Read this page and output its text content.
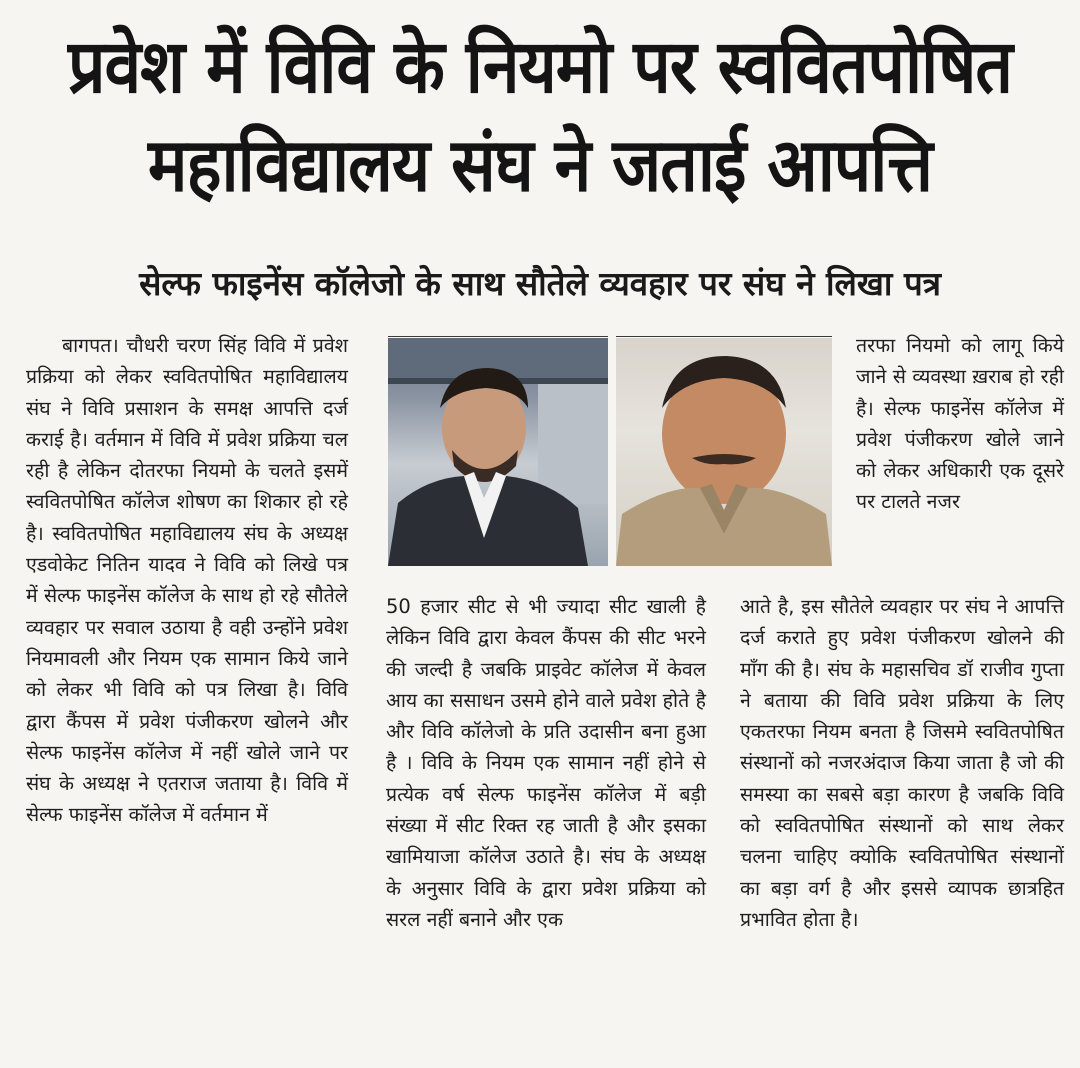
प्रवेश में विवि के नियमो पर स्ववितपोषित
महाविद्यालय संघ ने जताई आपत्ति
सेल्फ फाइनेंस कॉलेजो के साथ सौतेले व्यवहार पर संघ ने लिखा पत्र

बागपत। चौधरी चरण सिंह विवि में प्रवेश प्रक्रिया को लेकर स्ववितपोषित महाविद्यालय संघ ने विवि प्रसाशन के समक्ष आपत्ति दर्ज कराई है। वर्तमान में विवि में प्रवेश प्रक्रिया चल रही है लेकिन दोतरफा नियमो के चलते इसमें स्ववितपोषित कॉलेज शोषण का शिकार हो रहे है। स्ववितपोषित महाविद्यालय संघ के अध्यक्ष एडवोकेट नितिन यादव ने विवि को लिखे पत्र में सेल्फ फाइनेंस कॉलेज के साथ हो रहे सौतेले व्यवहार पर सवाल उठाया है वही उन्होंने प्रवेश नियमावली और नियम एक सामान किये जाने को लेकर भी विवि को पत्र लिखा है। विवि द्वारा कैंपस में प्रवेश पंजीकरण खोलने और सेल्फ फाइनेंस कॉलेज में नहीं खोले जाने पर संघ के अध्यक्ष ने एतराज जताया है। विवि में सेल्फ फाइनेंस कॉलेज में वर्तमान में

50 हजार सीट से भी ज्यादा सीट खाली है लेकिन विवि द्वारा केवल कैंपस की सीट भरने की जल्दी है जबकि प्राइवेट कॉलेज में केवल आय का ससाधन उसमे होने वाले प्रवेश होते है और विवि कॉलेजो के प्रति उदासीन बना हुआ है । विवि के नियम एक सामान नहीं होने से प्रत्येक वर्ष सेल्फ फाइनेंस कॉलेज में बड़ी संख्या में सीट रिक्त रह जाती है और इसका खामियाजा कॉलेज उठाते है। संघ के अध्यक्ष के अनुसार विवि के द्वारा प्रवेश प्रक्रिया को सरल नहीं बनाने और एक

तरफा नियमो को लागू किये जाने से व्यवस्था ख़राब हो रही है। सेल्फ फाइनेंस कॉलेज में प्रवेश पंजीकरण खोले जाने को लेकर अधिकारी एक दूसरे पर टालते नजर

आते है, इस सौतेले व्यवहार पर संघ ने आपत्ति दर्ज कराते हुए प्रवेश पंजीकरण खोलने की माँग की है। संघ के महासचिव डॉ राजीव गुप्ता ने बताया की विवि प्रवेश प्रक्रिया के लिए एकतरफा नियम बनता है जिसमे स्ववितपोषित संस्थानों को नजरअंदाज किया जाता है जो की समस्या का सबसे बड़ा कारण है जबकि विवि को स्ववितपोषित संस्थानों को साथ लेकर चलना चाहिए क्योकि स्ववितपोषित संस्थानों का बड़ा वर्ग है और इससे व्यापक छात्रहित प्रभावित होता है।
